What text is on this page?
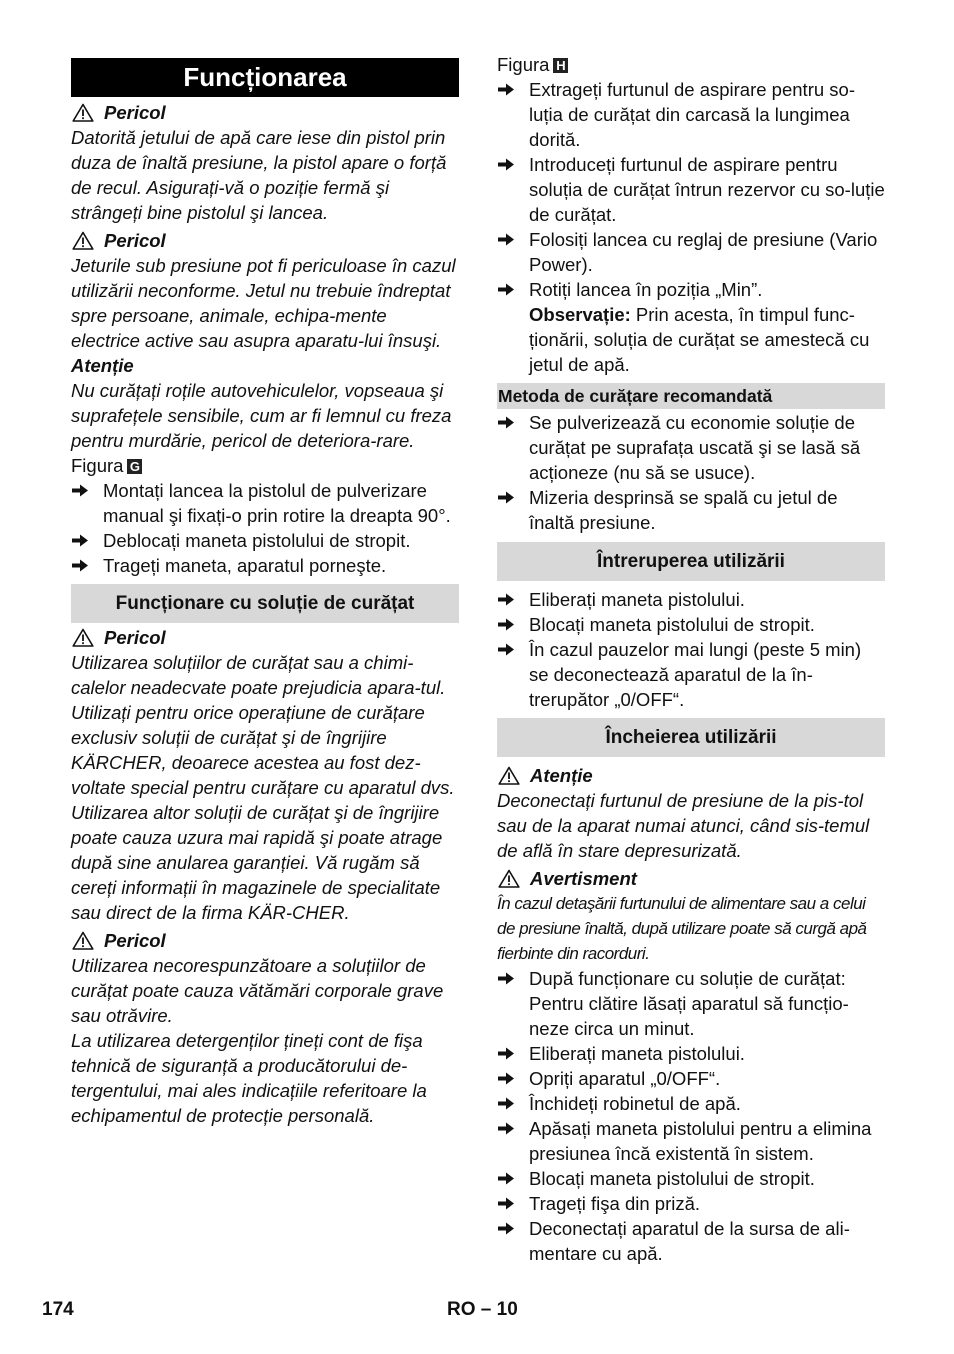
Funcționarea
Pericol

Datorită jetului de apă care iese din pistol prin duza de înaltă presiune, la pistol apare o forță de recul. Asigurați-vă o poziție fermă şi strângeți bine pistolul şi lancea.

Pericol

Jeturile sub presiune pot fi periculoase în cazul utilizării neconforme. Jetul nu trebuie îndreptat spre persoane, animale, echipa-mente electrice active sau asupra aparatu-lui însuşi.

Atenție

Nu curățați roțile autovehiculelor, vopseaua şi suprafețele sensibile, cum ar fi lemnul cu freza pentru murdărie, pericol de deteriora-rare.

Figura G

Montați lancea la pistolul de pulverizare manual şi fixați-o prin rotire la dreapta 90°.
Deblocați maneta pistolului de stropit.
Trageți maneta, aparatul porneşte.
Funcționare cu soluție de curățat
Pericol

Utilizarea soluțiilor de curățat sau a chimi-calelor neadecvate poate prejudicia apara-tul.

Utilizați pentru orice operațiune de curățare exclusiv soluții de curățat şi de îngrijire KÄRCHER, deoarece acestea au fost dez-voltate special pentru curățare cu aparatul dvs. Utilizarea altor soluții de curățat şi de îngrijire poate cauza uzura mai rapidă şi poate atrage după sine anularea garanției. Vă rugăm să cereți informații în magazinele de specialitate sau direct de la firma KÄR-CHER.

Pericol

Utilizarea necorespunzătoare a soluțiilor de curățat poate cauza vătămări corporale grave sau otrăvire.

La utilizarea detergenților țineți cont de fişa tehnică de siguranță a producătorului de-tergentului, mai ales indicațiile referitoare la echipamentul de protecție personală.

Figura H

Extrageți furtunul de aspirare pentru so-luția de curățat din carcasă la lungimea dorită.
Introduceți furtunul de aspirare pentru soluția de curățat întrun rezervor cu so-luție de curățat.
Folosiți lancea cu reglaj de presiune (Vario Power).
Rotiți lancea în poziția „Min”.
Observație: Prin acesta, în timpul func-ționării, soluția de curățat se amestecă cu jetul de apă.
Metoda de curățare recomandată
Se pulverizează cu economie soluție de curățat pe suprafața uscată şi se lasă să acționeze (nu să se usuce).
Mizeria desprinsă se spală cu jetul de înaltă presiune.
Întreruperea utilizării
Eliberați maneta pistolului.
Blocați maneta pistolului de stropit.
În cazul pauzelor mai lungi (peste 5 min) se deconectează aparatul de la în-trerupător „0/OFF“.
Încheierea utilizării
Atenție

Deconectați furtunul de presiune de la pis-tol sau de la aparat numai atunci, când sis-temul de află în stare depresurizată.

Avertisment

În cazul detaşării furtunului de alimentare sau a celui de presiune înaltă, după utilizare poate să curgă apă fierbinte din racorduri.

După funcționare cu soluție de curățat: Pentru clătire lăsați aparatul să funcțio-neze circa un minut.
Eliberați maneta pistolului.
Opriți aparatul „0/OFF“.
Închideți robinetul de apă.
Apăsați maneta pistolului pentru a elimina presiunea încă existentă în sistem.
Blocați maneta pistolului de stropit.
Trageți fişa din priză.
Deconectați aparatul de la sursa de ali-mentare cu apă.
174	RO – 10
